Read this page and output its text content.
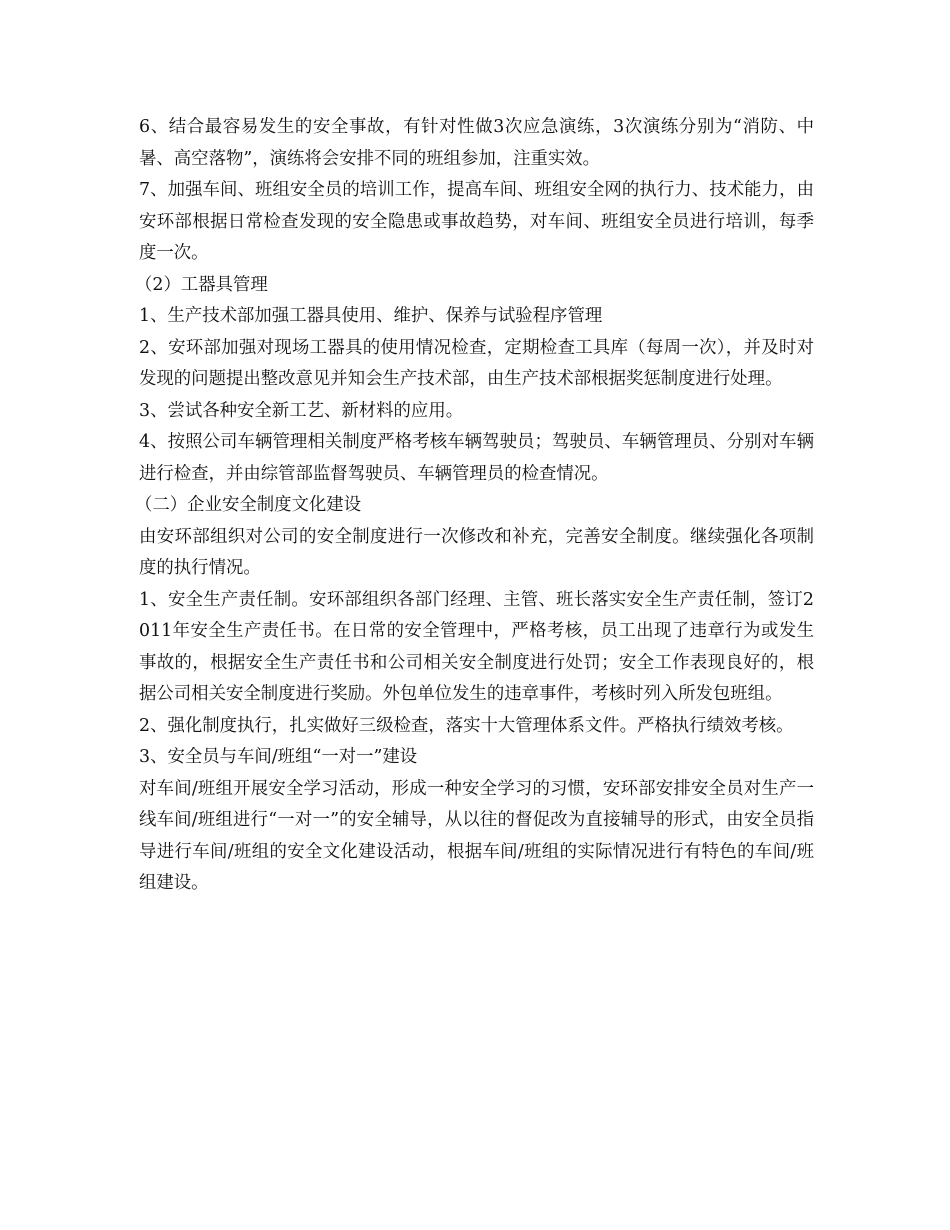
6、结合最容易发生的安全事故，有针对性做3次应急演练，3次演练分别为“消防、中暑、高空落物”，演练将会安排不同的班组参加，注重实效。

7、加强车间、班组安全员的培训工作，提高车间、班组安全网的执行力、技术能力，由安环部根据日常检查发现的安全隐患或事故趋势，对车间、班组安全员进行培训，每季度一次。

（2）工器具管理

1、生产技术部加强工器具使用、维护、保养与试验程序管理

2、安环部加强对现场工器具的使用情况检查，定期检查工具库（每周一次），并及时对发现的问题提出整改意见并知会生产技术部，由生产技术部根据奖惩制度进行处理。

3、尝试各种安全新工艺、新材料的应用。

4、按照公司车辆管理相关制度严格考核车辆驾驶员；驾驶员、车辆管理员、分别对车辆进行检查，并由综管部监督驾驶员、车辆管理员的检查情况。

（二）企业安全制度文化建设

由安环部组织对公司的安全制度进行一次修改和补充，完善安全制度。继续强化各项制度的执行情况。

1、安全生产责任制。安环部组织各部门经理、主管、班长落实安全生产责任制，签订2011年安全生产责任书。在日常的安全管理中，严格考核，员工出现了违章行为或发生事故的，根据安全生产责任书和公司相关安全制度进行处罚；安全工作表现良好的，根据公司相关安全制度进行奖励。外包单位发生的违章事件，考核时列入所发包班组。

2、强化制度执行，扎实做好三级检查，落实十大管理体系文件。严格执行绩效考核。

3、安全员与车间/班组“一对一”建设

对车间/班组开展安全学习活动，形成一种安全学习的习惯，安环部安排安全员对生产一线车间/班组进行“一对一”的安全辅导，从以往的督促改为直接辅导的形式，由安全员指导进行车间/班组的安全文化建设活动，根据车间/班组的实际情况进行有特色的车间/班组建设。
